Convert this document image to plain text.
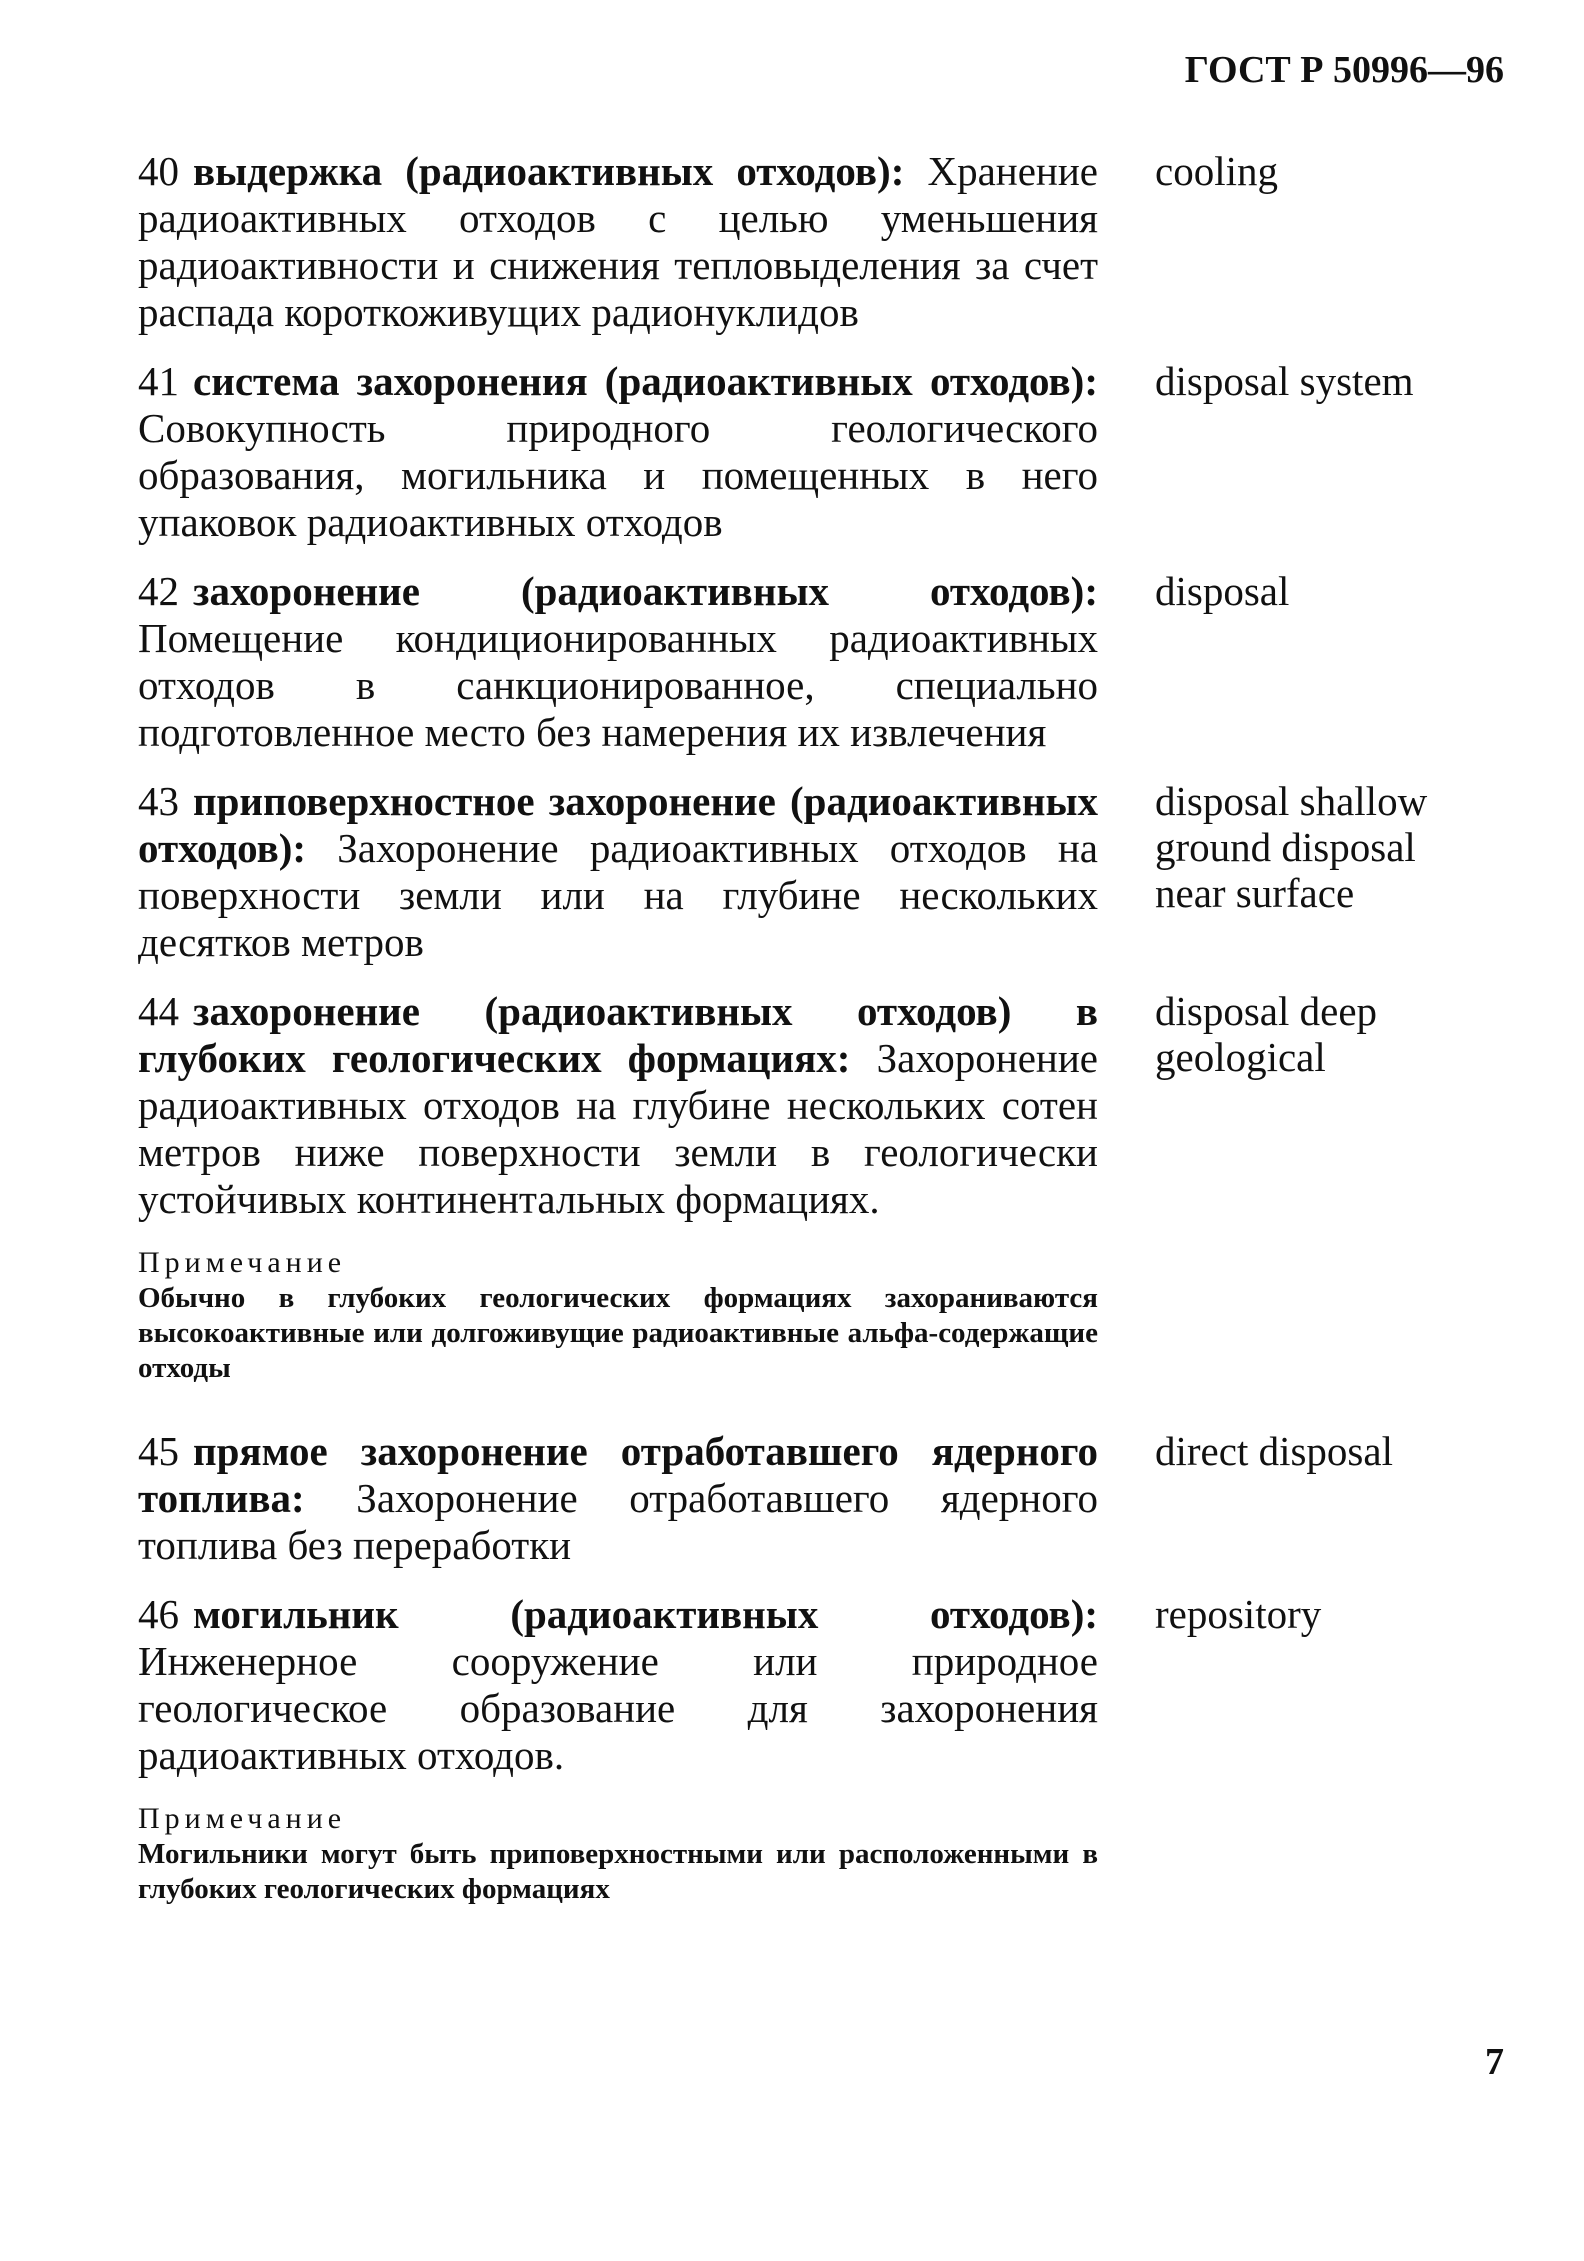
ГОСТ Р 50996—96
40 выдержка (радиоактивных отходов): Хранение радиоактивных отходов с целью уменьшения радиоактивности и снижения тепловыделения за счет распада короткоживущих радионуклидов
cooling
41 система захоронения (радиоактивных отходов): Совокупность природного геологического образования, могильника и помещенных в него упаковок радиоактивных отходов
disposal system
42 захоронение (радиоактивных отходов): Помещение кондиционированных радиоактивных отходов в санкционированное, специально подготовленное место без намерения их извлечения
disposal
43 приповерхностное захоронение (радиоактивных отходов): Захоронение радиоактивных отходов на поверхности земли или на глубине нескольких десятков метров
disposal shallow ground disposal near surface
44 захоронение (радиоактивных отходов) в глубоких геологических формациях: Захоронение радиоактивных отходов на глубине нескольких сотен метров ниже поверхности земли в геологически устойчивых континентальных формациях.
disposal deep geological
Примечание
Обычно в глубоких геологических формациях захораниваются высокоактивные или долгоживущие радиоактивные альфа-содержащие отходы
45 прямое захоронение отработавшего ядерного топлива: Захоронение отработавшего ядерного топлива без переработки
direct disposal
46 могильник (радиоактивных отходов): Инженерное сооружение или природное геологическое образование для захоронения радиоактивных отходов.
repository
Примечание
Могильники могут быть приповерхностными или расположенными в глубоких геологических формациях
7
